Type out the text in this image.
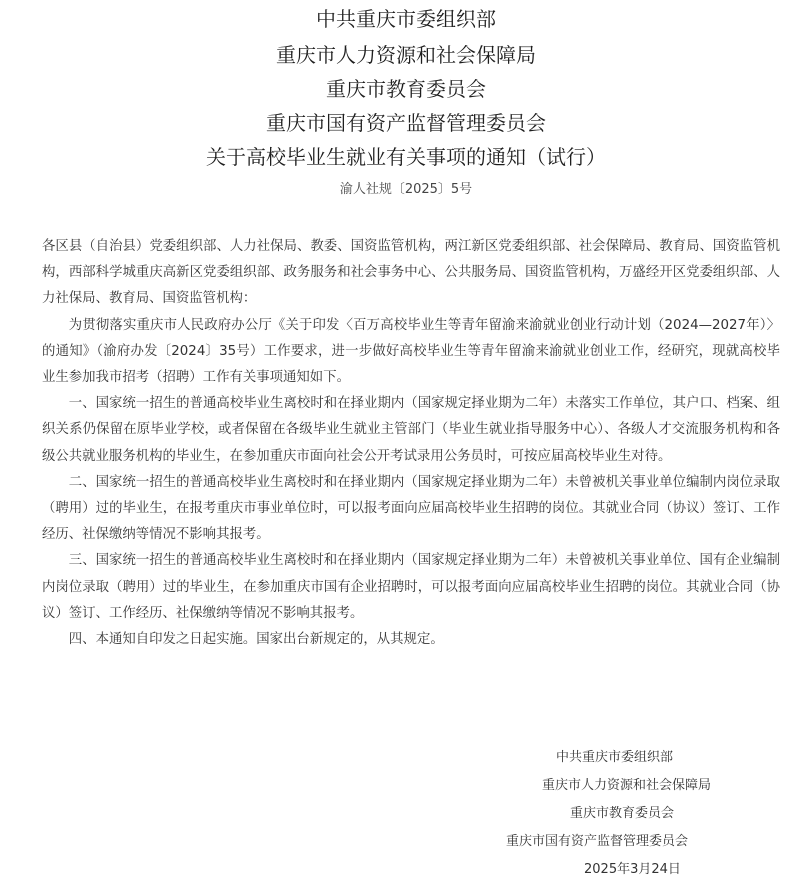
中共重庆市委组织部
重庆市人力资源和社会保障局
重庆市教育委员会
重庆市国有资产监督管理委员会
关于高校毕业生就业有关事项的通知（试行）
渝人社规〔2025〕5号

各区县（自治县）党委组织部、人力社保局、教委、国资监管机构，两江新区党委组织部、社会保障局、教育局、国资监管机构，西部科学城重庆高新区党委组织部、政务服务和社会事务中心、公共服务局、国资监管机构，万盛经开区党委组织部、人力社保局、教育局、国资监管机构：

为贯彻落实重庆市人民政府办公厅《关于印发〈百万高校毕业生等青年留渝来渝就业创业行动计划（2024—2027年）〉的通知》（渝府办发〔2024〕35号）工作要求，进一步做好高校毕业生等青年留渝来渝就业创业工作，经研究，现就高校毕业生参加我市招考（招聘）工作有关事项通知如下。

一、国家统一招生的普通高校毕业生离校时和在择业期内（国家规定择业期为二年）未落实工作单位，其户口、档案、组织关系仍保留在原毕业学校，或者保留在各级毕业生就业主管部门（毕业生就业指导服务中心）、各级人才交流服务机构和各级公共就业服务机构的毕业生，在参加重庆市面向社会公开考试录用公务员时，可按应届高校毕业生对待。

二、国家统一招生的普通高校毕业生离校时和在择业期内（国家规定择业期为二年）未曾被机关事业单位编制内岗位录取（聘用）过的毕业生，在报考重庆市事业单位时，可以报考面向应届高校毕业生招聘的岗位。其就业合同（协议）签订、工作经历、社保缴纳等情况不影响其报考。

三、国家统一招生的普通高校毕业生离校时和在择业期内（国家规定择业期为二年）未曾被机关事业单位、国有企业编制内岗位录取（聘用）过的毕业生，在参加重庆市国有企业招聘时，可以报考面向应届高校毕业生招聘的岗位。其就业合同（协议）签订、工作经历、社保缴纳等情况不影响其报考。

四、本通知自印发之日起实施。国家出台新规定的，从其规定。

中共重庆市委组织部
重庆市人力资源和社会保障局
重庆市教育委员会
重庆市国有资产监督管理委员会
2025年3月24日
